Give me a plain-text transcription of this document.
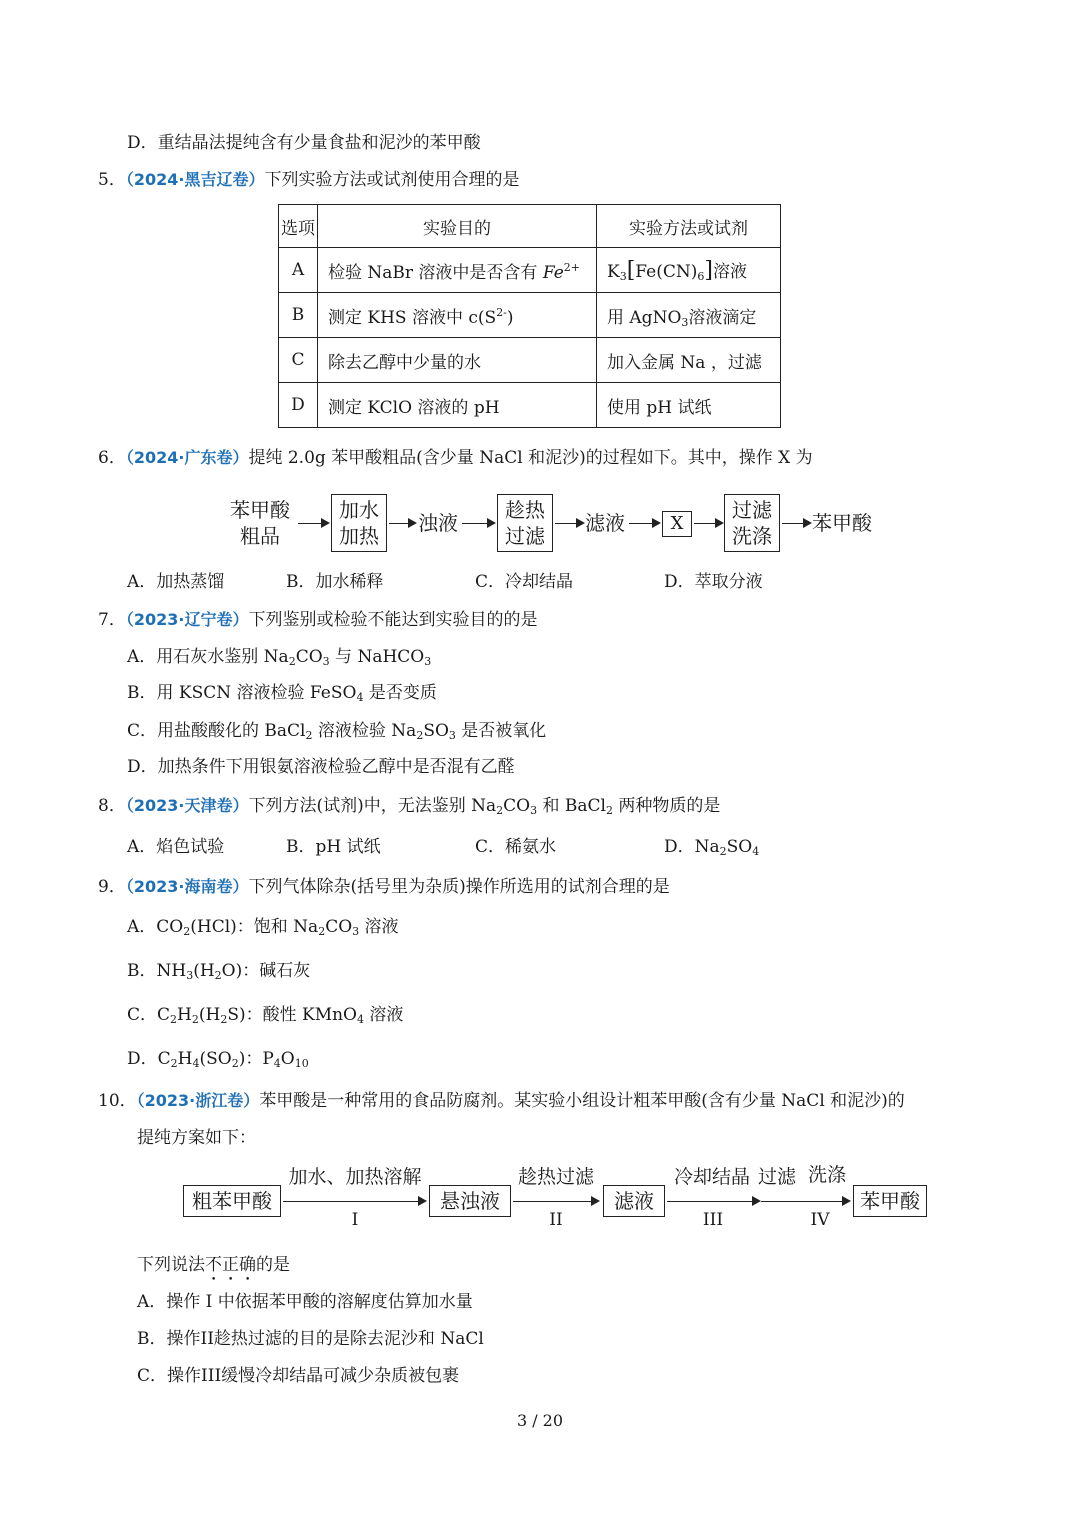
D．重结晶法提纯含有少量食盐和泥沙的苯甲酸
5．（2024·黑吉辽卷）下列实验方法或试剂使用合理的是
选项	实验目的	实验方法或试剂
A	检验 NaBr 溶液中是否含有 $Fe^{2+}$	$K_3[Fe(CN)_6]$溶液
B	测定 KHS 溶液中 $c(S^{2-})$	用 AgNO$_3$溶液滴定
C	除去乙醇中少量的水	加入金属 Na ，过滤
D	测定 KClO 溶液的 pH	使用 pH 试纸
6．（2024·广东卷）提纯 2.0g 苯甲酸粗品(含少量 NaCl 和泥沙)的过程如下。其中，操作 X 为
苯甲酸
粗品
加水
加热
浊液
趁热
过滤
滤液	X
过滤
洗涤
苯甲酸
A．加热蒸馏	B．加水稀释	C．冷却结晶	D．萃取分液
7．（2023·辽宁卷）下列鉴别或检验不能达到实验目的的是
A．用石灰水鉴别 $Na_2CO_3$ 与 NaHCO$_3$
B．用 KSCN 溶液检验 FeSO$_4$ 是否变质
C．用盐酸酸化的 BaCl$_2$ 溶液检验 $Na_2SO_3$ 是否被氧化
D．加热条件下用银氨溶液检验乙醇中是否混有乙醛
8．（2023·天津卷）下列方法(试剂)中，无法鉴别 $Na_2CO_3$ 和 BaCl$_2$ 两种物质的是
A．焰色试验	B．pH 试纸	C．稀氨水	D．$Na_2SO_4$
9．（2023·海南卷）下列气体除杂(括号里为杂质)操作所选用的试剂合理的是
A．$CO_2(HCl)$：饱和 $Na_2CO_3$ 溶液
B．$NH_3(H_2O)$：碱石灰
C．$C_2H_2(H_2S)$：酸性 KMnO$_4$ 溶液
D．$C_2H_4(SO_2)$：$P_4O_{10}$
10．（2023·浙江卷）苯甲酸是一种常用的食品防腐剂。某实验小组设计粗苯甲酸(含有少量 NaCl 和泥沙)的
提纯方案如下：
粗苯甲酸
加水、加热溶解
I
悬浊液
趁热过滤
II
滤液
冷却结晶 过滤
III
洗涤
IV
苯甲酸
下列说法不正确的是
A．操作 I 中依据苯甲酸的溶解度估算加水量
B．操作II趁热过滤的目的是除去泥沙和 NaCl
C．操作III缓慢冷却结晶可减少杂质被包裹
3 / 20
